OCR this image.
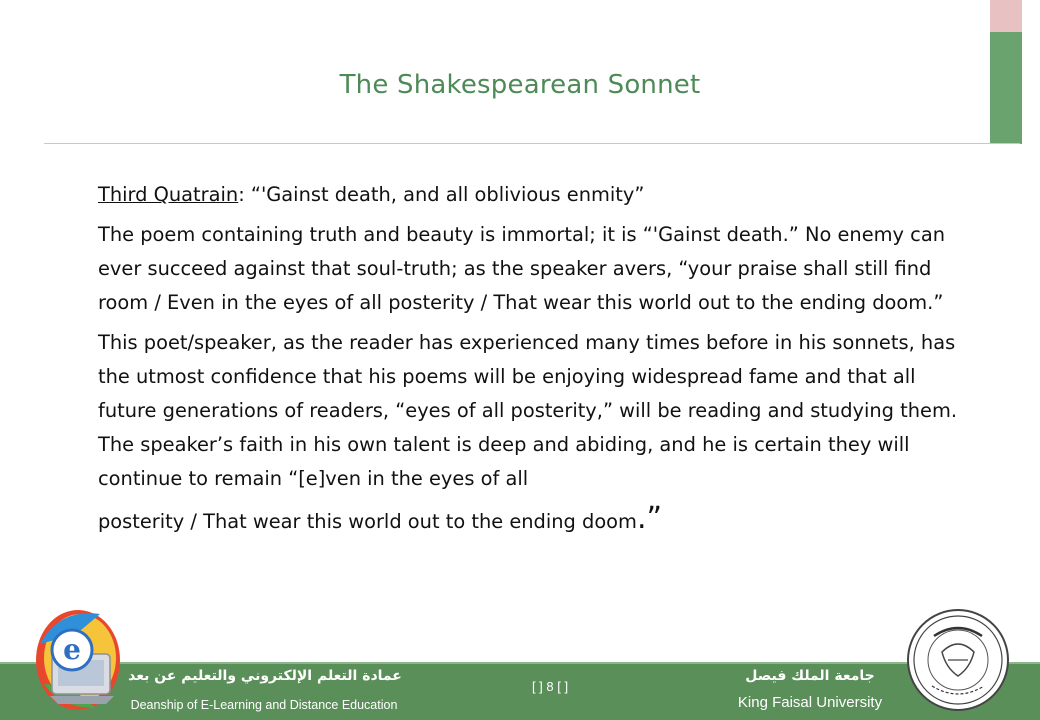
The Shakespearean Sonnet

Third Quatrain: “'Gainst death, and all oblivious enmity”

The poem containing truth and beauty is immortal; it is “'Gainst death.” No enemy can ever succeed against that soul-truth; as the speaker avers, “your praise shall still find room / Even in the eyes of all posterity / That wear this world out to the ending doom.”

This poet/speaker, as the reader has experienced many times before in his sonnets, has the utmost confidence that his poems will be enjoying widespread fame and that all future generations of readers, “eyes of all posterity,” will be reading and studying them. The speaker’s faith in his own talent is deep and abiding, and he is certain they will continue to remain “[e]ven in the eyes of all

posterity / That wear this world out to the ending doom.”

عمادة التعلم الإلكتروني والتعليم عن بعد
Deanship of E-Learning and Distance Education
[ ] 8 [ ]
جامعة الملك فيصل
King Faisal University
e
